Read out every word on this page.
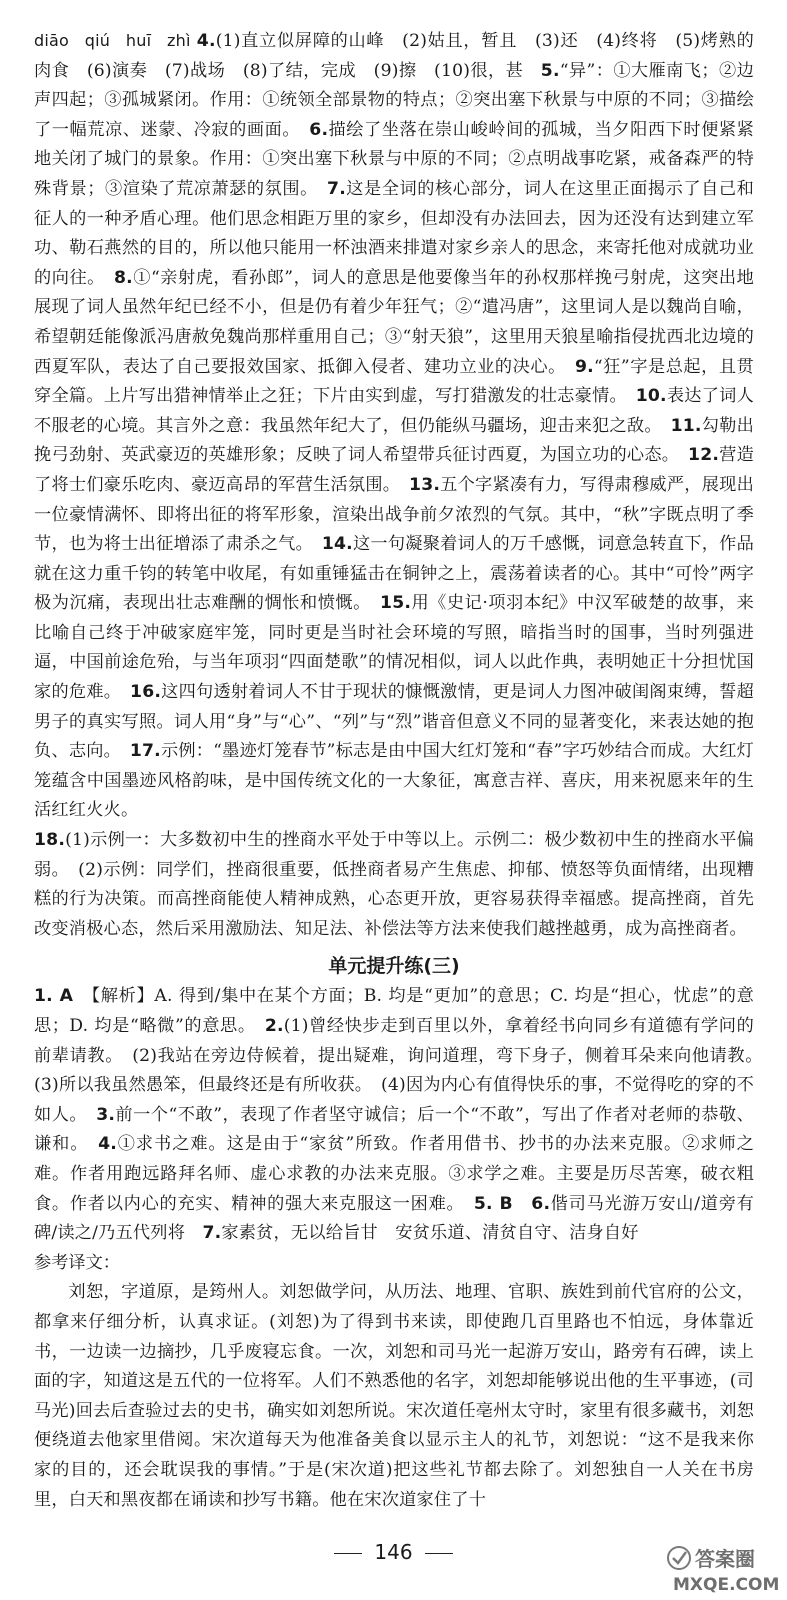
diāo qiú huī zhì 4.(1)直立似屏障的山峰　(2)姑且，暂且　(3)还　(4)终将　(5)烤熟的肉食　(6)演奏　(7)战场　(8)了结，完成　(9)擦　(10)很，甚　5.“异”：①大雁南飞；②边声四起；③孤城紧闭。作用：①统领全部景物的特点；②突出塞下秋景与中原的不同；③描绘了一幅荒凉、迷蒙、冷寂的画面。　6.描绘了坐落在崇山峻岭间的孤城，当夕阳西下时便紧紧地关闭了城门的景象。作用：①突出塞下秋景与中原的不同；②点明战事吃紧，戒备森严的特殊背景；③渲染了荒凉萧瑟的氛围。　7.这是全词的核心部分，词人在这里正面揭示了自己和征人的一种矛盾心理。他们思念相距万里的家乡，但却没有办法回去，因为还没有达到建立军功、勒石燕然的目的，所以他只能用一杯浊酒来排遣对家乡亲人的思念，来寄托他对成就功业的向往。　8.①“亲射虎，看孙郎”，词人的意思是他要像当年的孙权那样挽弓射虎，这突出地展现了词人虽然年纪已经不小，但是仍有着少年狂气；②“遣冯唐”，这里词人是以魏尚自喻，希望朝廷能像派冯唐赦免魏尚那样重用自己；③“射天狼”，这里用天狼星喻指侵扰西北边境的西夏军队，表达了自己要报效国家、抵御入侵者、建功立业的决心。　9.“狂”字是总起，且贯穿全篇。上片写出猎神情举止之狂；下片由实到虚，写打猎激发的壮志豪情。　10.表达了词人不服老的心境。其言外之意：我虽然年纪大了，但仍能纵马疆场，迎击来犯之敌。　11.勾勒出挽弓劲射、英武豪迈的英雄形象；反映了词人希望带兵征讨西夏，为国立功的心态。　12.营造了将士们豪乐吃肉、豪迈高昂的军营生活氛围。　13.五个字紧凑有力，写得肃穆威严，展现出一位豪情满怀、即将出征的将军形象，渲染出战争前夕浓烈的气氛。其中，“秋”字既点明了季节，也为将士出征增添了肃杀之气。　14.这一句凝聚着词人的万千感慨，词意急转直下，作品就在这力重千钧的转笔中收尾，有如重锤猛击在铜钟之上，震荡着读者的心。其中“可怜”两字极为沉痛，表现出壮志难酬的惆怅和愤慨。　15.用《史记·项羽本纪》中汉军破楚的故事，来比喻自己终于冲破家庭牢笼，同时更是当时社会环境的写照，暗指当时的国事，当时列强进逼，中国前途危殆，与当年项羽“四面楚歌”的情况相似，词人以此作典，表明她正十分担忧国家的危难。　16.这四句透射着词人不甘于现状的慷慨激情，更是词人力图冲破闺阁束缚，誓超男子的真实写照。词人用“身”与“心”、“列”与“烈”谐音但意义不同的显著变化，来表达她的抱负、志向。　17.示例：“墨迹灯笼春节”标志是由中国大红灯笼和“春”字巧妙结合而成。大红灯笼蕴含中国墨迹风格韵味，是中国传统文化的一大象征，寓意吉祥、喜庆，用来祝愿来年的生活红红火火。

18.(1)示例一：大多数初中生的挫商水平处于中等以上。示例二：极少数初中生的挫商水平偏弱。　(2)示例：同学们，挫商很重要，低挫商者易产生焦虑、抑郁、愤怒等负面情绪，出现糟糕的行为决策。而高挫商能使人精神成熟，心态更开放，更容易获得幸福感。提高挫商，首先改变消极心态，然后采用激励法、知足法、补偿法等方法来使我们越挫越勇，成为高挫商者。

单元提升练(三)

1. A　【解析】A. 得到/集中在某个方面；B. 均是“更加”的意思；C. 均是“担心，忧虑”的意思；D. 均是“略微”的意思。　2.(1)曾经快步走到百里以外，拿着经书向同乡有道德有学问的前辈请教。　(2)我站在旁边侍候着，提出疑难，询问道理，弯下身子，侧着耳朵来向他请教。　(3)所以我虽然愚笨，但最终还是有所收获。　(4)因为内心有值得快乐的事，不觉得吃的穿的不如人。　3.前一个“不敢”，表现了作者坚守诚信；后一个“不敢”，写出了作者对老师的恭敬、谦和。　4.①求书之难。这是由于“家贫”所致。作者用借书、抄书的办法来克服。②求师之难。作者用跑远路拜名师、虚心求教的办法来克服。③求学之难。主要是历尽苦寒，破衣粗食。作者以内心的充实、精神的强大来克服这一困难。　5. B　 6.偕司马光游万安山/道旁有碑/读之/乃五代列将　7.家素贫，无以给旨甘　安贫乐道、清贫自守、洁身自好

参考译文：

刘恕，字道原，是筠州人。刘恕做学问，从历法、地理、官职、族姓到前代官府的公文，都拿来仔细分析，认真求证。(刘恕)为了得到书来读，即使跑几百里路也不怕远，身体靠近书，一边读一边摘抄，几乎废寝忘食。一次，刘恕和司马光一起游万安山，路旁有石碑，读上面的字，知道这是五代的一位将军。人们不熟悉他的名字，刘恕却能够说出他的生平事迹，(司马光)回去后查验过去的史书，确实如刘恕所说。宋次道任亳州太守时，家里有很多藏书，刘恕便绕道去他家里借阅。宋次道每天为他准备美食以显示主人的礼节，刘恕说：“这不是我来你家的目的，还会耽误我的事情。”于是(宋次道)把这些礼节都去除了。刘恕独自一人关在书房里，白天和黑夜都在诵读和抄写书籍。他在宋次道家住了十

146	答案圈
MXQE.COM
